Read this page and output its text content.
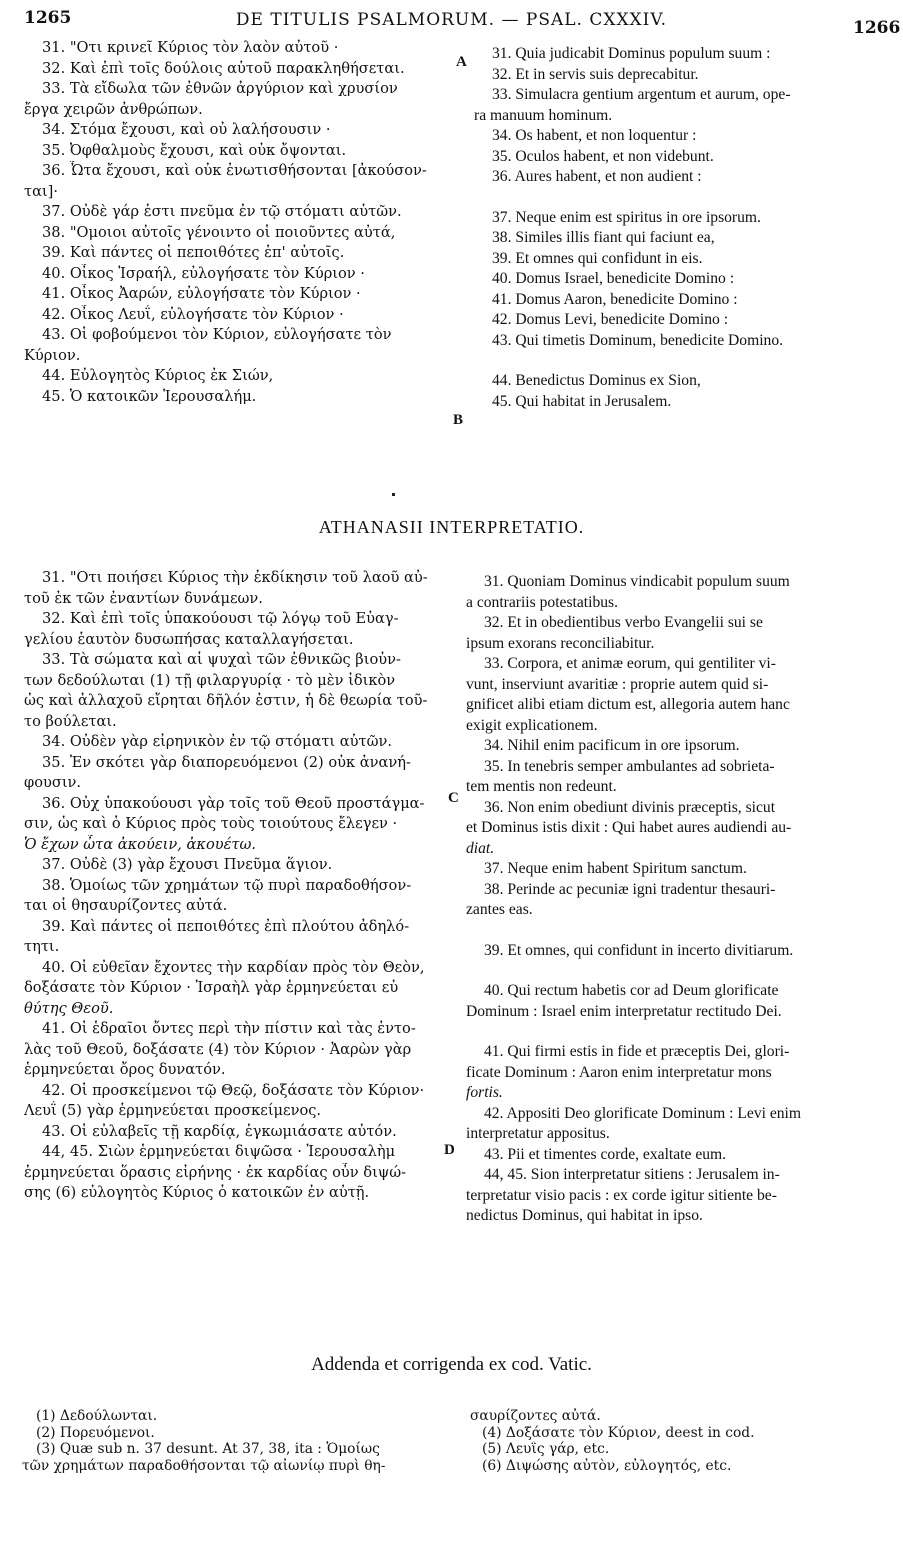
1265	DE TITULIS PSALMORUM. — PSAL. CXXXIV.	1266
31. "Οτι κρινεῖ Κύριος τὸν λαὸν αὐτοῦ ·
32. Καὶ ἐπὶ τοῖς δούλοις αὐτοῦ παρακληθήσεται.
33. Τὰ εἴδωλα τῶν ἐθνῶν ἀργύριον καὶ χρυσίον
ἔργα χειρῶν ἀνθρώπων.
34. Στόμα ἔχουσι, καὶ οὐ λαλήσουσιν ·
35. Ὀφθαλμοὺς ἔχουσι, καὶ οὐκ ὄψονται.
36. Ὦτα ἔχουσι, καὶ οὐκ ἐνωτισθήσονται [ἀκούσον-
ται]·
37. Οὐδὲ γάρ ἐστι πνεῦμα ἐν τῷ στόματι αὐτῶν.
38. "Ομοιοι αὐτοῖς γένοιντο οἱ ποιοῦντες αὐτά,
39. Καὶ πάντες οἱ πεποιθότες ἐπ' αὐτοῖς.
40. Οἶκος Ἰσραήλ, εὐλογήσατε τὸν Κύριον ·
41. Οἶκος Ἀαρών, εὐλογήσατε τὸν Κύριον ·
42. Οἶκος Λευΐ, εὐλογήσατε τὸν Κύριον ·
43. Οἱ φοβούμενοι τὸν Κύριον, εὐλογήσατε τὸν
Κύριον.
44. Εὐλογητὸς Κύριος ἐκ Σιών,
45. Ὁ κατοικῶν Ἱερουσαλήμ.
31. Quia judicabit Dominus populum suum :
32. Et in servis suis deprecabitur.
33. Simulacra gentium argentum et aurum, ope-
ra manuum hominum.
34. Os habent, et non loquentur :
35. Oculos habent, et non videbunt.
36. Aures habent, et non audient :
37. Neque enim est spiritus in ore ipsorum.
38. Similes illis fiant qui faciunt ea,
39. Et omnes qui confidunt in eis.
40. Domus Israel, benedicite Domino :
41. Domus Aaron, benedicite Domino :
42. Domus Levi, benedicite Domino :
43. Qui timetis Dominum, benedicite Domino.
44. Benedictus Dominus ex Sion,
45. Qui habitat in Jerusalem.
A
B
ATHANASII INTERPRETATIO.
31. "Οτι ποιήσει Κύριος τὴν ἐκδίκησιν τοῦ λαοῦ αὐ-
τοῦ ἐκ τῶν ἐναντίων δυνάμεων.
32. Καὶ ἐπὶ τοῖς ὑπακούουσι τῷ λόγῳ τοῦ Εὐαγ-
γελίου ἑαυτὸν δυσωπήσας καταλλαγήσεται.
33. Τὰ σώματα καὶ αἱ ψυχαὶ τῶν ἐθνικῶς βιοὐν-
των δεδούλωται (1) τῇ φιλαργυρίᾳ · τὸ μὲν ἰδικὸν
ὡς καὶ ἀλλαχοῦ εἴρηται δῆλόν ἐστιν, ἡ δὲ θεωρία τοῦ-
το βούλεται.
34. Οὐδὲν γὰρ εἰρηνικὸν ἐν τῷ στόματι αὐτῶν.
35. Ἐν σκότει γὰρ διαπορευόμενοι (2) οὐκ ἀνανή-
φουσιν.
36. Οὐχ ὑπακούουσι γὰρ τοῖς τοῦ Θεοῦ προστάγμα-
σιν, ὡς καὶ ὁ Κύριος πρὸς τοὺς τοιούτους ἔλεγεν ·
Ὁ ἔχων ὦτα ἀκούειν, ἀκουέτω.
37. Οὐδὲ (3) γὰρ ἔχουσι Πνεῦμα ἅγιον.
38. Ὁμοίως τῶν χρημάτων τῷ πυρὶ παραδοθήσον-
ται οἱ θησαυρίζοντες αὐτά.
39. Καὶ πάντες οἱ πεποιθότες ἐπὶ πλούτου ἀδηλό-
τητι.
40. Οἱ εὐθεῖαν ἔχοντες τὴν καρδίαν πρὸς τὸν Θεὸν,
δοξάσατε τὸν Κύριον · Ἰσραὴλ γὰρ ἑρμηνεύεται εὐ
θύτης Θεοῦ.
41. Οἱ ἑδραῖοι ὄντες περὶ τὴν πίστιν καὶ τὰς ἐντο-
λὰς τοῦ Θεοῦ, δοξάσατε (4) τὸν Κύριον · Ἀαρὼν γὰρ
ἑρμηνεύεται ὄρος δυνατόν.
42. Οἱ προσκείμενοι τῷ Θεῷ, δοξάσατε τὸν Κύριον·
Λευΐ (5) γὰρ ἑρμηνεύεται προσκείμενος.
43. Οἱ εὐλαβεῖς τῇ καρδίᾳ, ἐγκωμιάσατε αὐτόν.
44, 45. Σιὼν ἑρμηνεύεται διψῶσα · Ἱερουσαλὴμ
ἑρμηνεύεται ὅρασις εἰρήνης · ἐκ καρδίας οὖν διψώ-
σης (6) εὐλογητὸς Κύριος ὁ κατοικῶν ἐν αὐτῇ.
31. Quoniam Dominus vindicabit populum suum
a contrariis potestatibus.
32. Et in obedientibus verbo Evangelii sui se
ipsum exorans reconciliabitur.
33. Corpora, et animæ eorum, qui gentiliter vi-
vunt, inserviunt avaritiæ : proprie autem quid si-
gnificet alibi etiam dictum est, allegoria autem hanc
exigit explicationem.
34. Nihil enim pacificum in ore ipsorum.
35. In tenebris semper ambulantes ad sobrieta-
tem mentis non redeunt.
36. Non enim obediunt divinis præceptis, sicut
et Dominus istis dixit : Qui habet aures audiendi au-
diat.
37. Neque enim habent Spiritum sanctum.
38. Perinde ac pecuniæ igni tradentur thesauri-
zantes eas.
39. Et omnes, qui confidunt in incerto divitiarum.
40. Qui rectum habetis cor ad Deum glorificate
Dominum : Israel enim interpretatur rectitudo Dei.
41. Qui firmi estis in fide et præceptis Dei, glori-
ficate Dominum : Aaron enim interpretatur mons
fortis.
42. Appositi Deo glorificate Dominum : Levi enim
interpretatur appositus.
43. Pii et timentes corde, exaltate eum.
44, 45. Sion interpretatur sitiens : Jerusalem in-
terpretatur visio pacis : ex corde igitur sitiente be-
nedictus Dominus, qui habitat in ipso.
C
D
Addenda et corrigenda ex cod. Vatic.
(1) Δεδούλωνται.
(2) Πορευόμενοι.
(3) Quæ sub n. 37 desunt. At 37, 38, ita : Ὁμοίως
τῶν χρημάτων παραδοθήσονται τῷ αἰωνίῳ πυρὶ θη-
σαυρίζοντες αὐτά.
(4) Δοξάσατε τὸν Κύριον, deest in cod.
(5) Λευῒς γάρ, etc.
(6) Διψώσης αὐτὸν, εὐλογητός, etc.
